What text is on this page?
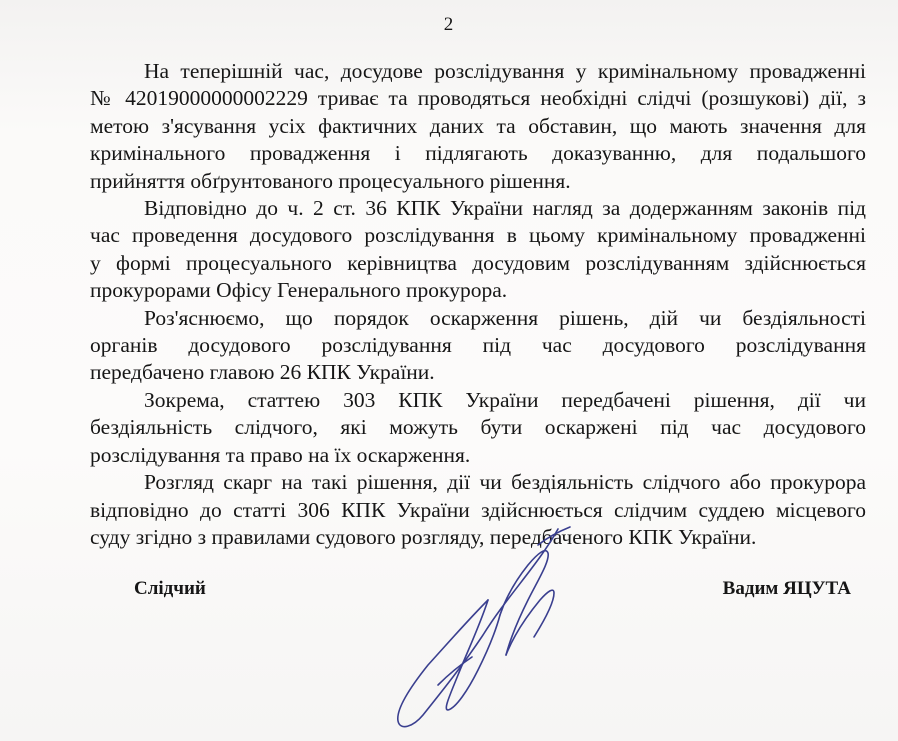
2
На теперішній час, досудове розслідування у кримінальному провадженні
№ 42019000000002229 триває та проводяться необхідні слідчі (розшукові) дії, з
метою з'ясування усіх фактичних даних та обставин, що мають значення для
кримінального провадження і підлягають доказуванню, для подальшого
прийняття обґрунтованого процесуального рішення.
Відповідно до ч. 2 ст. 36 КПК України нагляд за додержанням законів під
час проведення досудового розслідування в цьому кримінальному провадженні
у формі процесуального керівництва досудовим розслідуванням здійснюється
прокурорами Офісу Генерального прокурора.
Роз'яснюємо, що порядок оскарження рішень, дій чи бездіяльності
органів досудового розслідування під час досудового розслідування
передбачено главою 26 КПК України.
Зокрема, статтею 303 КПК України передбачені рішення, дії чи
бездіяльність слідчого, які можуть бути оскаржені під час досудового
розслідування та право на їх оскарження.
Розгляд скарг на такі рішення, дії чи бездіяльність слідчого або прокурора
відповідно до статті 306 КПК України здійснюється слідчим суддею місцевого
суду згідно з правилами судового розгляду, передбаченого КПК України.
Слідчий	Вадим ЯЦУТА
